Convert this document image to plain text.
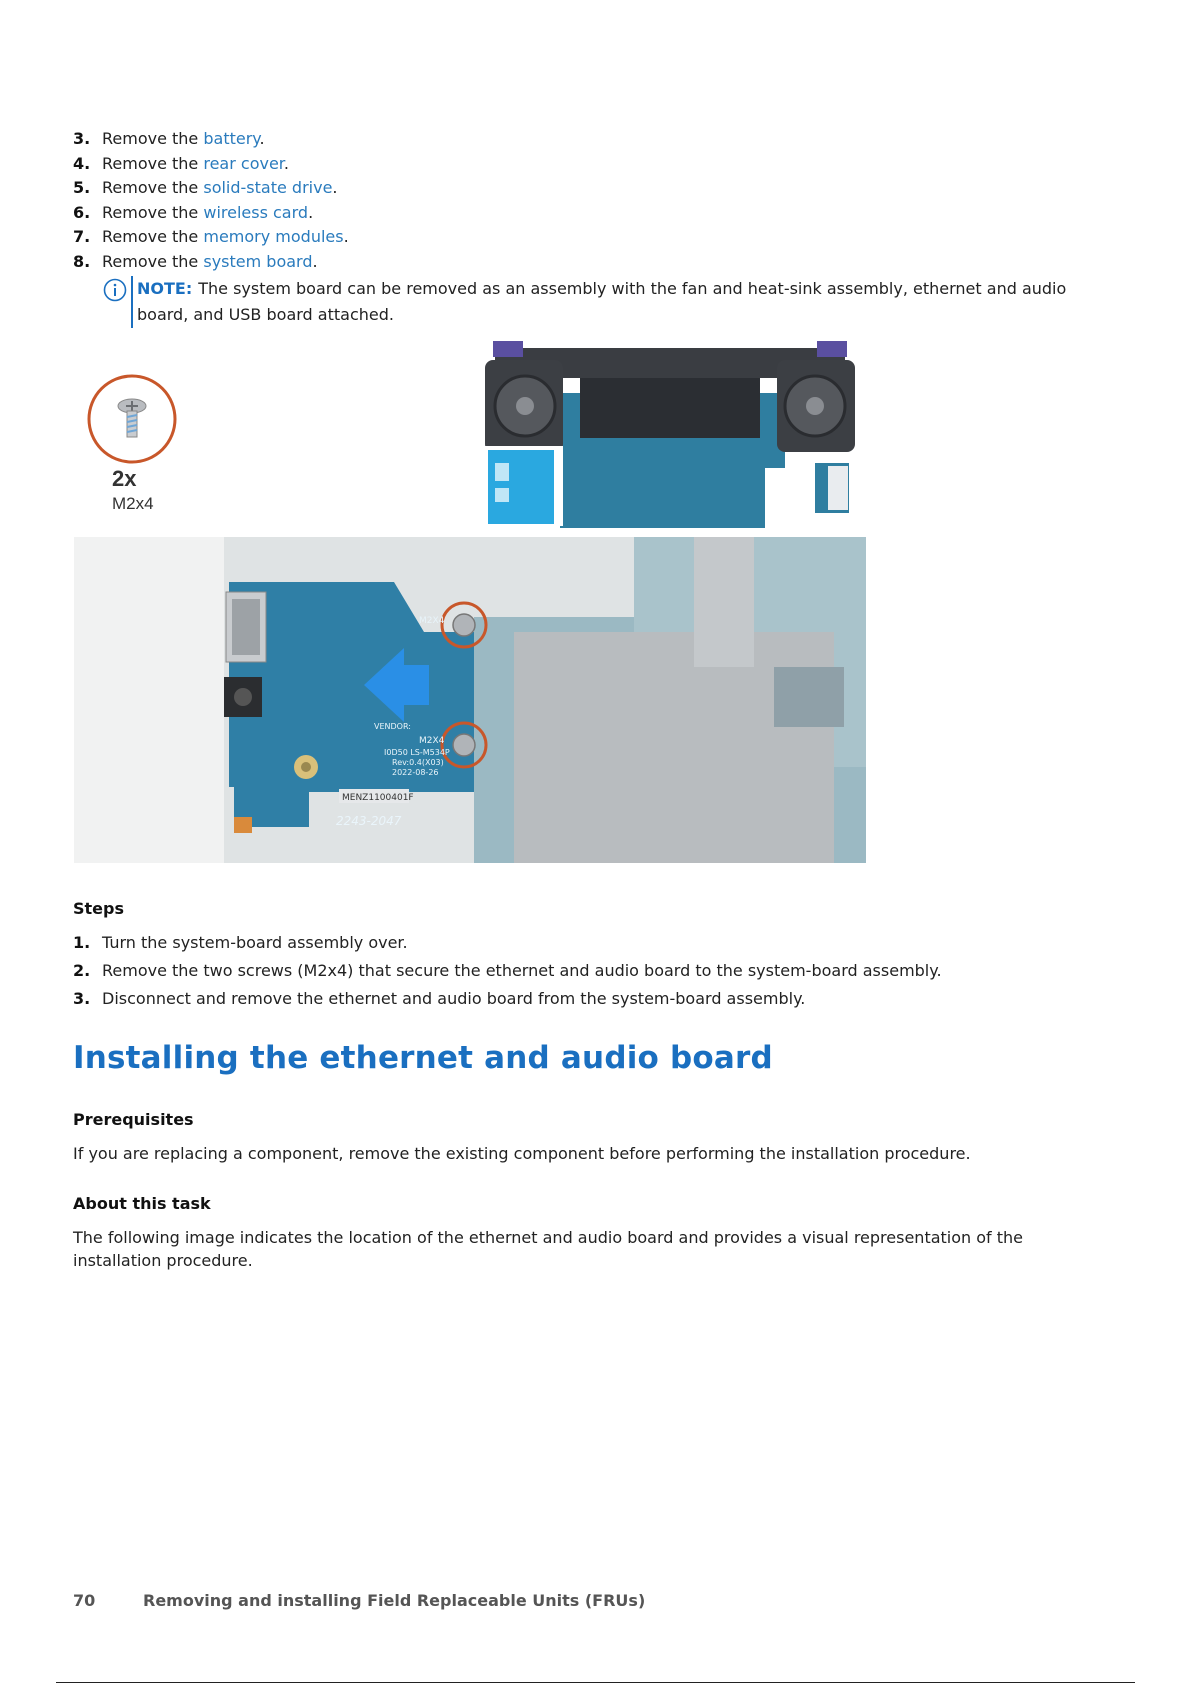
3. Remove the battery.
4. Remove the rear cover.
5. Remove the solid-state drive.
6. Remove the wireless card.
7. Remove the memory modules.
8. Remove the system board.
NOTE: The system board can be removed as an assembly with the fan and heat-sink assembly, ethernet and audio board, and USB board attached.
2x
M2x4
M2X4
M2X4
VENDOR:
I0D50 LS-M534P
Rev:0.4(X03)
2022-08-26
MENZ1100401F
2243-2047
Steps
1. Turn the system-board assembly over.
2. Remove the two screws (M2x4) that secure the ethernet and audio board to the system-board assembly.
3. Disconnect and remove the ethernet and audio board from the system-board assembly.
Installing the ethernet and audio board
Prerequisites
If you are replacing a component, remove the existing component before performing the installation procedure.
About this task
The following image indicates the location of the ethernet and audio board and provides a visual representation of the installation procedure.
70	Removing and installing Field Replaceable Units (FRUs)
